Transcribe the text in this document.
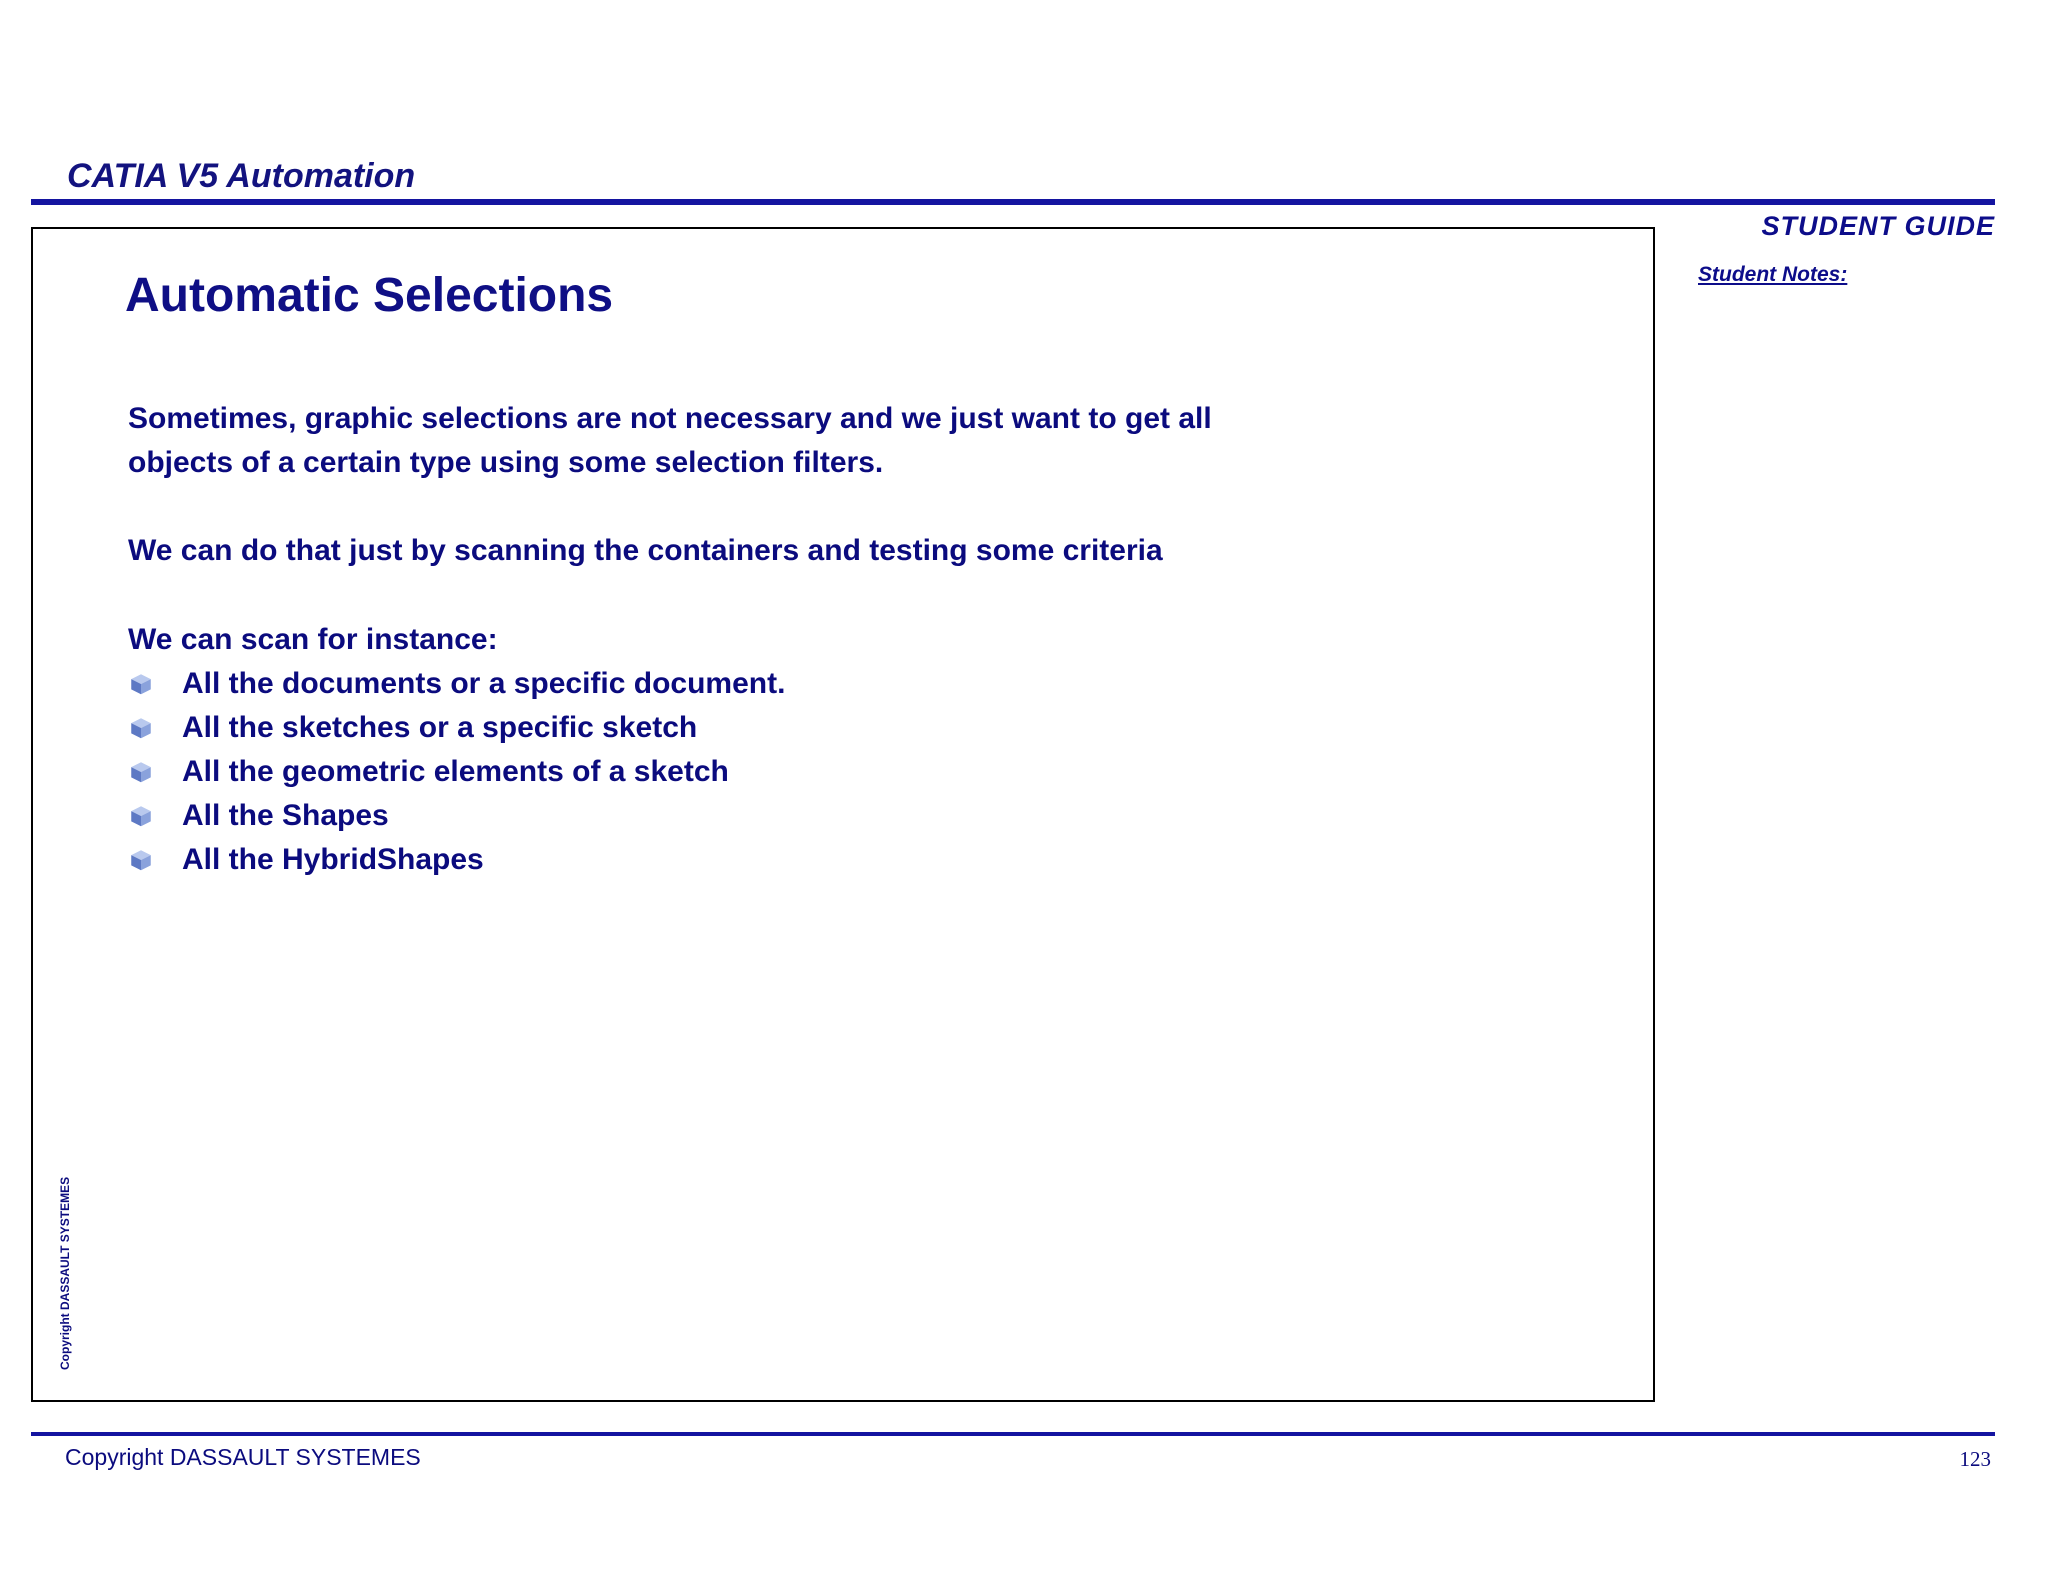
CATIA V5 Automation
STUDENT GUIDE
Student Notes:
Automatic Selections
Sometimes, graphic selections are not necessary and we just want to get all
objects of a certain type using some selection filters.
We can do that just by scanning the containers and testing some criteria
We can scan for instance:
All the documents or a specific document.
All the sketches or a specific sketch
All the geometric elements of a sketch
All the Shapes
All the HybridShapes
Copyright DASSAULT SYSTEMES
Copyright DASSAULT SYSTEMES	123
